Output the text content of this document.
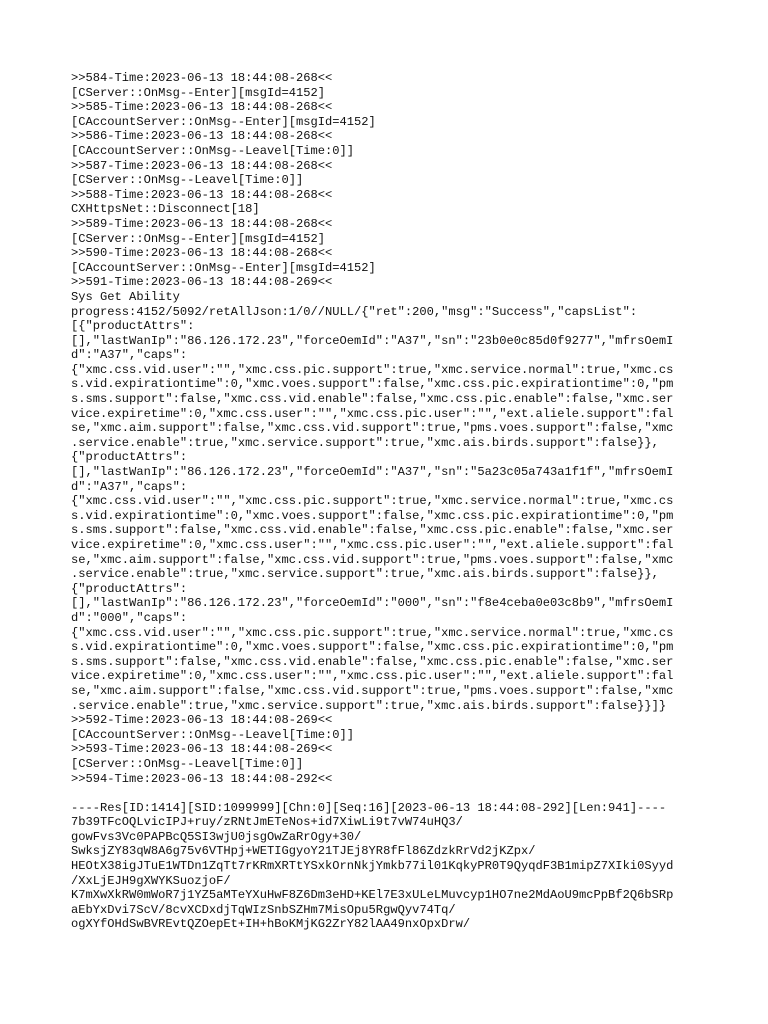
>>584-Time:2023-06-13 18:44:08-268<<
[CServer::OnMsg--Enter][msgId=4152]
>>585-Time:2023-06-13 18:44:08-268<<
[CAccountServer::OnMsg--Enter][msgId=4152]
>>586-Time:2023-06-13 18:44:08-268<<
[CAccountServer::OnMsg--Leavel[Time:0]]
>>587-Time:2023-06-13 18:44:08-268<<
[CServer::OnMsg--Leavel[Time:0]]
>>588-Time:2023-06-13 18:44:08-268<<
CXHttpsNet::Disconnect[18]
>>589-Time:2023-06-13 18:44:08-268<<
[CServer::OnMsg--Enter][msgId=4152]
>>590-Time:2023-06-13 18:44:08-268<<
[CAccountServer::OnMsg--Enter][msgId=4152]
>>591-Time:2023-06-13 18:44:08-269<<
Sys Get Ability
progress:4152/5092/retAllJson:1/0//NULL/{"ret":200,"msg":"Success","capsList":
[{"productAttrs":
[],"lastWanIp":"86.126.172.23","forceOemId":"A37","sn":"23b0e0c85d0f9277","mfrsOemI
d":"A37","caps":
{"xmc.css.vid.user":"","xmc.css.pic.support":true,"xmc.service.normal":true,"xmc.cs
s.vid.expirationtime":0,"xmc.voes.support":false,"xmc.css.pic.expirationtime":0,"pm
s.sms.support":false,"xmc.css.vid.enable":false,"xmc.css.pic.enable":false,"xmc.ser
vice.expiretime":0,"xmc.css.user":"","xmc.css.pic.user":"","ext.aliele.support":fal
se,"xmc.aim.support":false,"xmc.css.vid.support":true,"pms.voes.support":false,"xmc
.service.enable":true,"xmc.service.support":true,"xmc.ais.birds.support":false}},
{"productAttrs":
[],"lastWanIp":"86.126.172.23","forceOemId":"A37","sn":"5a23c05a743a1f1f","mfrsOemI
d":"A37","caps":
{"xmc.css.vid.user":"","xmc.css.pic.support":true,"xmc.service.normal":true,"xmc.cs
s.vid.expirationtime":0,"xmc.voes.support":false,"xmc.css.pic.expirationtime":0,"pm
s.sms.support":false,"xmc.css.vid.enable":false,"xmc.css.pic.enable":false,"xmc.ser
vice.expiretime":0,"xmc.css.user":"","xmc.css.pic.user":"","ext.aliele.support":fal
se,"xmc.aim.support":false,"xmc.css.vid.support":true,"pms.voes.support":false,"xmc
.service.enable":true,"xmc.service.support":true,"xmc.ais.birds.support":false}},
{"productAttrs":
[],"lastWanIp":"86.126.172.23","forceOemId":"000","sn":"f8e4ceba0e03c8b9","mfrsOemI
d":"000","caps":
{"xmc.css.vid.user":"","xmc.css.pic.support":true,"xmc.service.normal":true,"xmc.cs
s.vid.expirationtime":0,"xmc.voes.support":false,"xmc.css.pic.expirationtime":0,"pm
s.sms.support":false,"xmc.css.vid.enable":false,"xmc.css.pic.enable":false,"xmc.ser
vice.expiretime":0,"xmc.css.user":"","xmc.css.pic.user":"","ext.aliele.support":fal
se,"xmc.aim.support":false,"xmc.css.vid.support":true,"pms.voes.support":false,"xmc
.service.enable":true,"xmc.service.support":true,"xmc.ais.birds.support":false}}]}
>>592-Time:2023-06-13 18:44:08-269<<
[CAccountServer::OnMsg--Leavel[Time:0]]
>>593-Time:2023-06-13 18:44:08-269<<
[CServer::OnMsg--Leavel[Time:0]]
>>594-Time:2023-06-13 18:44:08-292<<
----Res[ID:1414][SID:1099999][Chn:0][Seq:16][2023-06-13 18:44:08-292][Len:941]----
7b39TFcOQLvicIPJ+ruy/zRNtJmETeNos+id7XiwLi9t7vW74uHQ3/
gowFvs3Vc0PAPBcQ5SI3wjU0jsgOwZaRrOgy+30/
SwksjZY83qW8A6g75v6VTHpj+WETIGgyoY21TJEj8YR8fFl86ZdzkRrVd2jKZpx/
HEOtX38igJTuE1WTDn1ZqTt7rKRmXRTtYSxkOrnNkjYmkb77il01KqkyPR0T9QyqdF3B1mipZ7XIki0Syyd
/XxLjEJH9gXWYKSuozjoF/
K7mXwXkRW0mWoR7j1YZ5aMTeYXuHwF8Z6Dm3eHD+KEl7E3xULeLMuvcyp1HO7ne2MdAoU9mcPpBf2Q6bSRp
aEbYxDvi7ScV/8cvXCDxdjTqWIzSnbSZHm7MisOpu5RgwQyv74Tq/
ogXYfOHdSwBVREvtQZOepEt+IH+hBoKMjKG2ZrY82lAA49nxOpxDrw/
